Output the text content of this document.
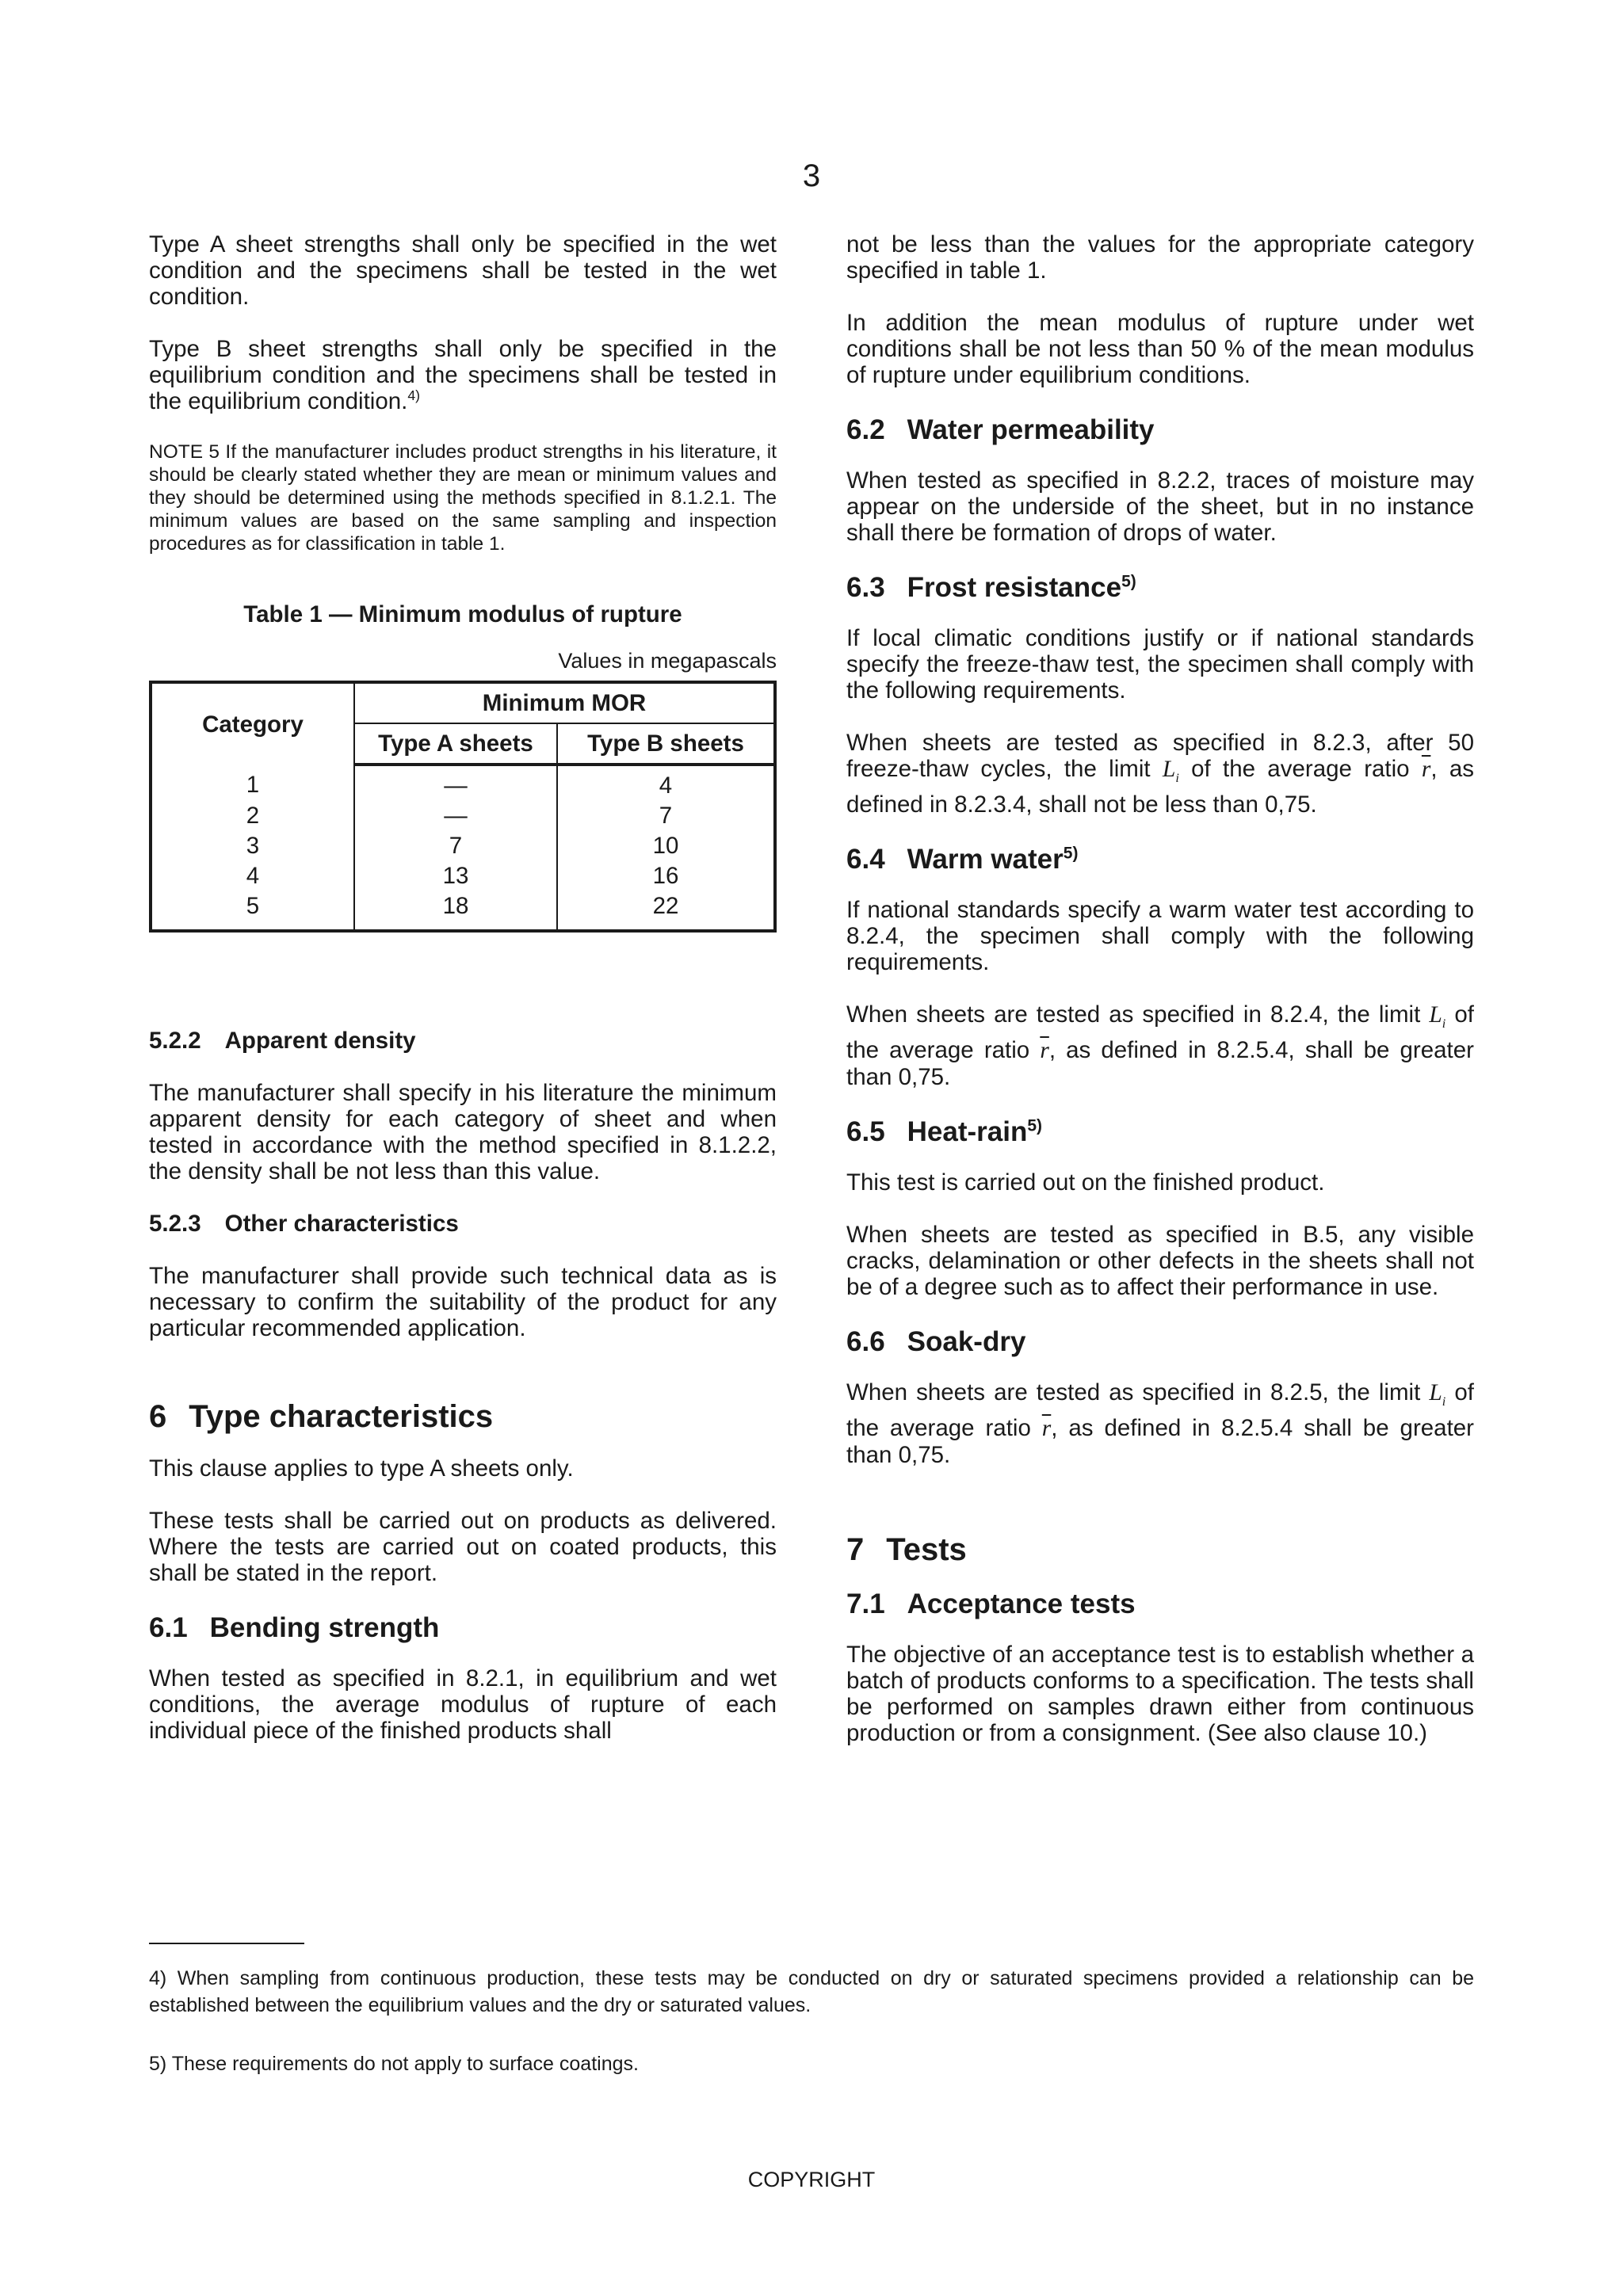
3

Type A sheet strengths shall only be specified in the wet condition and the specimens shall be tested in the wet condition.

Type B sheet strengths shall only be specified in the equilibrium condition and the specimens shall be tested in the equilibrium condition.$^{4)}$

NOTE 5 If the manufacturer includes product strengths in his literature, it should be clearly stated whether they are mean or minimum values and they should be determined using the methods specified in 8.1.2.1. The minimum values are based on the same sampling and inspection procedures as for classification in table 1.

Table 1 — Minimum modulus of rupture
Values in megapascals
Category	Minimum MOR	
	Type A sheets	Type B sheets
1	—	4
2	—	7
3	7	10
4	13	16
5	18	22
5.2.2 Apparent density

The manufacturer shall specify in his literature the minimum apparent density for each category of sheet and when tested in accordance with the method specified in 8.1.2.2, the density shall be not less than this value.

5.2.3 Other characteristics

The manufacturer shall provide such technical data as is necessary to confirm the suitability of the product for any particular recommended application.

6 Type characteristics

This clause applies to type A sheets only.

These tests shall be carried out on products as delivered. Where the tests are carried out on coated products, this shall be stated in the report.

6.1 Bending strength

When tested as specified in 8.2.1, in equilibrium and wet conditions, the average modulus of rupture of each individual piece of the finished products shall

not be less than the values for the appropriate category specified in table 1.

In addition the mean modulus of rupture under wet conditions shall be not less than 50 % of the mean modulus of rupture under equilibrium conditions.

6.2 Water permeability

When tested as specified in 8.2.2, traces of moisture may appear on the underside of the sheet, but in no instance shall there be formation of drops of water.

6.3 Frost resistance$^{5)}$

If local climatic conditions justify or if national standards specify the freeze-thaw test, the specimen shall comply with the following requirements.

When sheets are tested as specified in 8.2.3, after 50 freeze-thaw cycles, the limit $L_i$ of the average ratio $\overline{r}$, as defined in 8.2.3.4, shall not be less than 0,75.

6.4 Warm water$^{5)}$

If national standards specify a warm water test according to 8.2.4, the specimen shall comply with the following requirements.

When sheets are tested as specified in 8.2.4, the limit $L_i$ of the average ratio $\overline{r}$, as defined in 8.2.5.4, shall be greater than 0,75.

6.5 Heat-rain$^{5)}$

This test is carried out on the finished product.

When sheets are tested as specified in B.5, any visible cracks, delamination or other defects in the sheets shall not be of a degree such as to affect their performance in use.

6.6 Soak-dry

When sheets are tested as specified in 8.2.5, the limit $L_i$ of the average ratio $\overline{r}$, as defined in 8.2.5.4 shall be greater than 0,75.

7 Tests
7.1 Acceptance tests

The objective of an acceptance test is to establish whether a batch of products conforms to a specification. The tests shall be performed on samples drawn either from continuous production or from a consignment. (See also clause 10.)

4) When sampling from continuous production, these tests may be conducted on dry or saturated specimens provided a relationship can be established between the equilibrium values and the dry or saturated values.

5) These requirements do not apply to surface coatings.

COPYRIGHT
